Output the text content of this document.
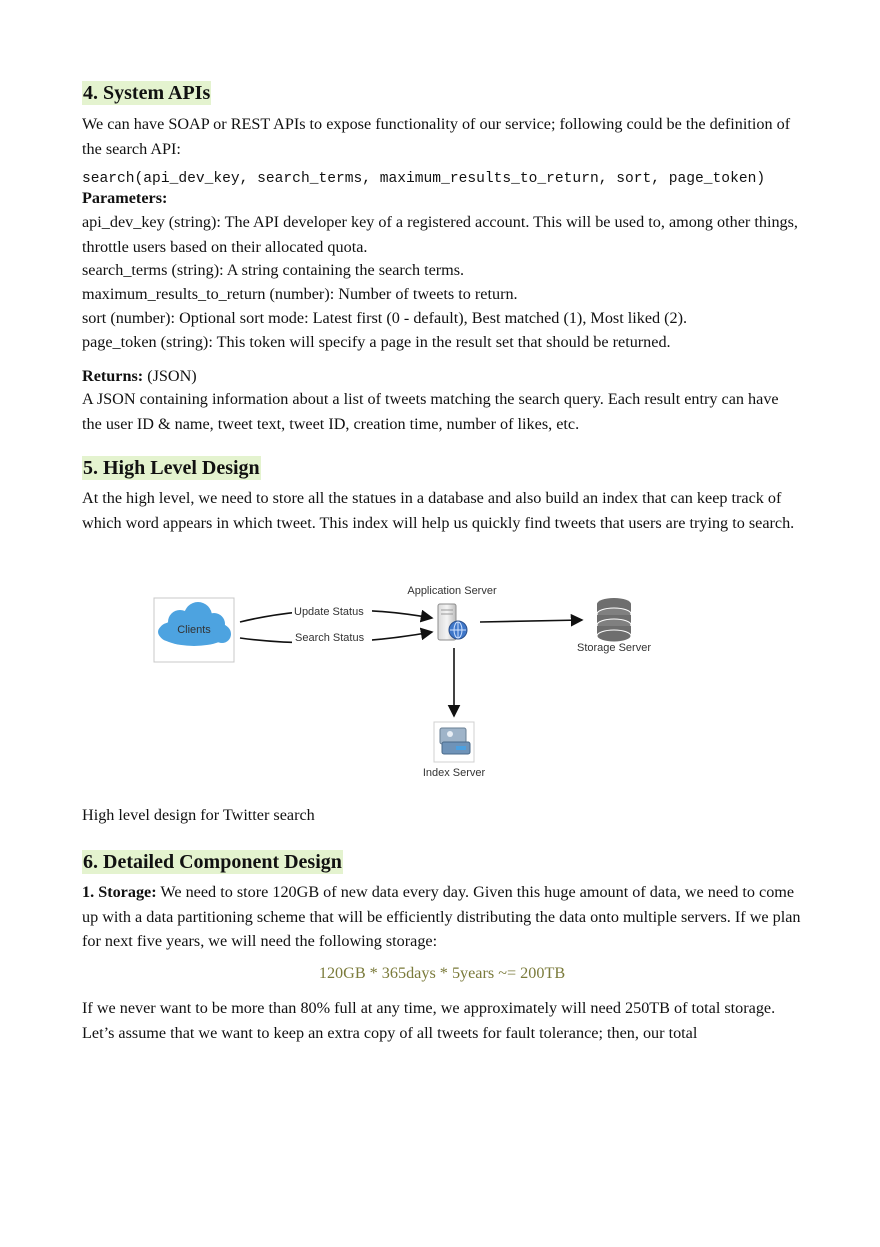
4. System APIs

We can have SOAP or REST APIs to expose functionality of our service; following could be the definition of the search API:

search(api_dev_key, search_terms, maximum_results_to_return, sort, page_token)
Parameters:

api_dev_key (string): The API developer key of a registered account. This will be used to, among other things, throttle users based on their allocated quota.

search_terms (string): A string containing the search terms.
maximum_results_to_return (number): Number of tweets to return.
sort (number): Optional sort mode: Latest first (0 - default), Best matched (1), Most liked (2).
page_token (string): This token will specify a page in the result set that should be returned.
Returns: (JSON)

A JSON containing information about a list of tweets matching the search query. Each result entry can have the user ID & name, tweet text, tweet ID, creation time, number of likes, etc.

5. High Level Design

At the high level, we need to store all the statues in a database and also build an index that can keep track of which word appears in which tweet. This index will help us quickly find tweets that users are trying to search.

High level design for Twitter search
6. Detailed Component Design

1. Storage: We need to store 120GB of new data every day. Given this huge amount of data, we need to come up with a data partitioning scheme that will be efficiently distributing the data onto multiple servers. If we plan for next five years, we will need the following storage:

120GB * 365days * 5years ~= 200TB

If we never want to be more than 80% full at any time, we approximately will need 250TB of total storage. Let’s assume that we want to keep an extra copy of all tweets for fault tolerance; then, our total

Clients
Update Status
Search Status
Application Server
Storage Server
Index Server
